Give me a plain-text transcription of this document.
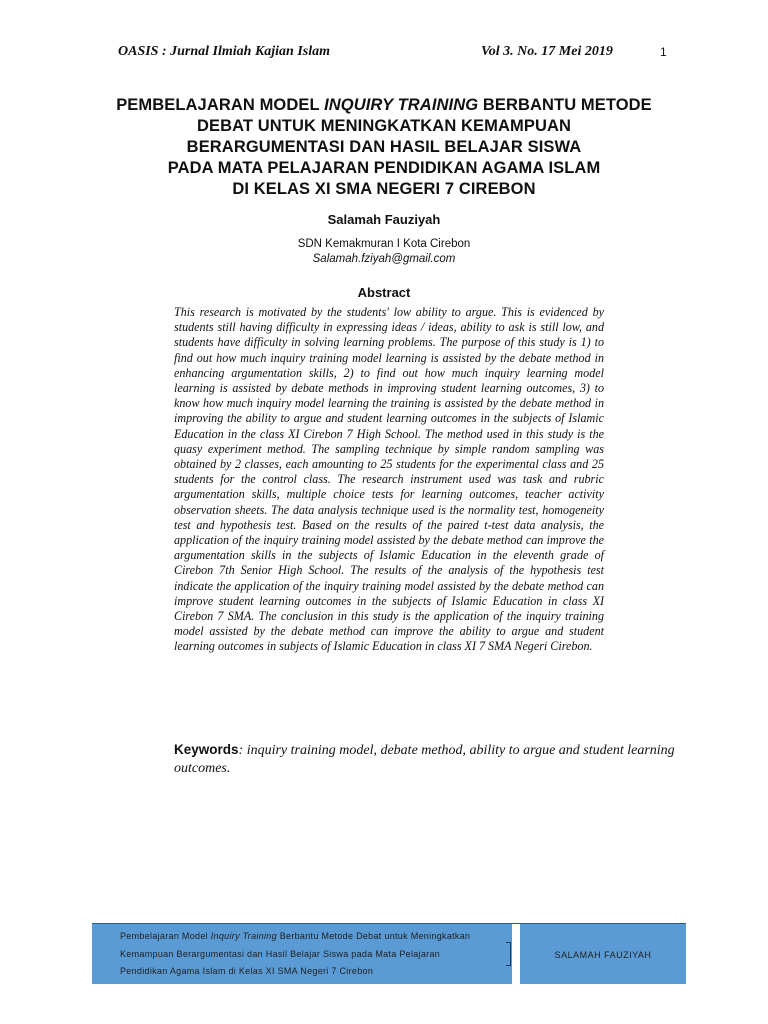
OASIS : Jurnal Ilmiah Kajian Islam	Vol 3. No. 17 Mei 2019	1
PEMBELAJARAN MODEL INQUIRY TRAINING BERBANTU METODE
DEBAT UNTUK MENINGKATKAN KEMAMPUAN
BERARGUMENTASI DAN HASIL BELAJAR SISWA
PADA MATA PELAJARAN PENDIDIKAN AGAMA ISLAM
DI KELAS XI SMA NEGERI 7 CIREBON
Salamah Fauziyah
SDN Kemakmuran I Kota Cirebon
Salamah.fziyah@gmail.com
Abstract

This research is motivated by the students' low ability to argue. This is evidenced by students still having difficulty in expressing ideas / ideas, ability to ask is still low, and students have difficulty in solving learning problems. The purpose of this study is 1) to find out how much inquiry training model learning is assisted by the debate method in enhancing argumentation skills, 2) to find out how much inquiry learning model learning is assisted by debate methods in improving student learning outcomes, 3) to know how much inquiry model learning the training is assisted by the debate method in improving the ability to argue and student learning outcomes in the subjects of Islamic Education in the class XI Cirebon 7 High School. The method used in this study is the quasy experiment method. The sampling technique by simple random sampling was obtained by 2 classes, each amounting to 25 students for the experimental class and 25 students for the control class. The research instrument used was task and rubric argumentation skills, multiple choice tests for learning outcomes, teacher activity observation sheets. The data analysis technique used is the normality test, homogeneity test and hypothesis test. Based on the results of the paired t-test data analysis, the application of the inquiry training model assisted by the debate method can improve the argumentation skills in the subjects of Islamic Education in the eleventh grade of Cirebon 7th Senior High School. The results of the analysis of the hypothesis test indicate the application of the inquiry training model assisted by the debate method can improve student learning outcomes in the subjects of Islamic Education in class XI Cirebon 7 SMA. The conclusion in this study is the application of the inquiry training model assisted by the debate method can improve the ability to argue and student learning outcomes in subjects of Islamic Education in class XI 7 SMA Negeri Cirebon.

Keywords: inquiry training model, debate method, ability to argue and student learning outcomes.
Pembelajaran Model Inquiry Training Berbantu Metode Debat untuk Meningkatkan
Kemampuan Berargumentasi dan Hasil Belajar Siswa pada Mata Pelajaran
Pendidikan Agama Islam di Kelas XI SMA Negeri 7 Cirebon
SALAMAH FAUZIYAH
